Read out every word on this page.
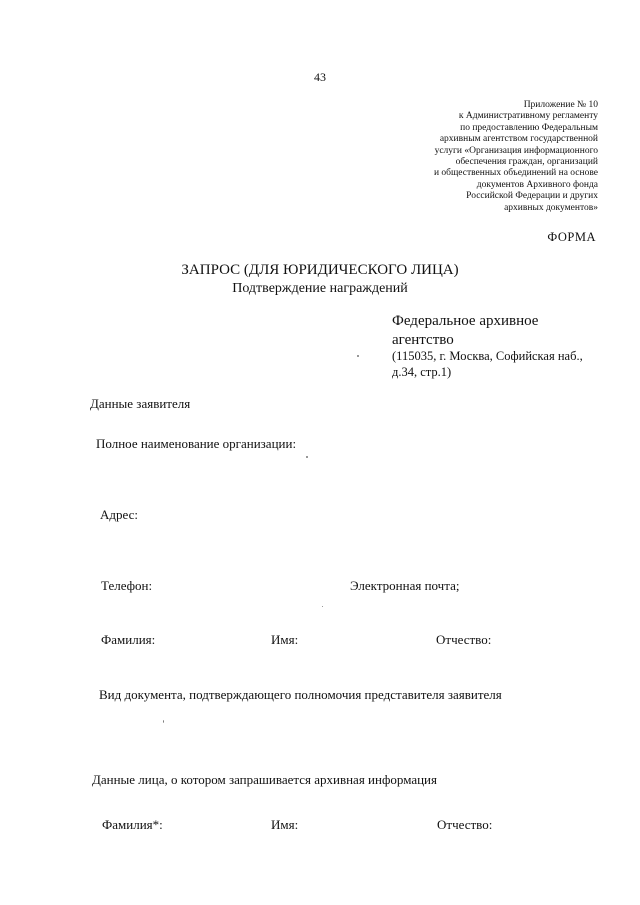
43
Приложение № 10
к Административному регламенту
по предоставлению Федеральным
архивным агентством государственной
услуги «Организация информационного
обеспечения граждан, организаций
и общественных объединений на основе
документов Архивного фонда
Российской Федерации и других
архивных документов»
ФОРМА
ЗАПРОС (ДЛЯ ЮРИДИЧЕСКОГО ЛИЦА)
Подтверждение награждений
Федеральное архивное
агентство
(115035, г. Москва, Софийская наб.,
д.34, стр.1)
Данные заявителя
Полное наименование организации:
Адрес:
Телефон:	Электронная почта;
Фамилия:	Имя:	Отчество:
Вид документа, подтверждающего полномочия представителя заявителя
Данные лица, о котором запрашивается архивная информация
Фамилия*:	Имя:	Отчество:
